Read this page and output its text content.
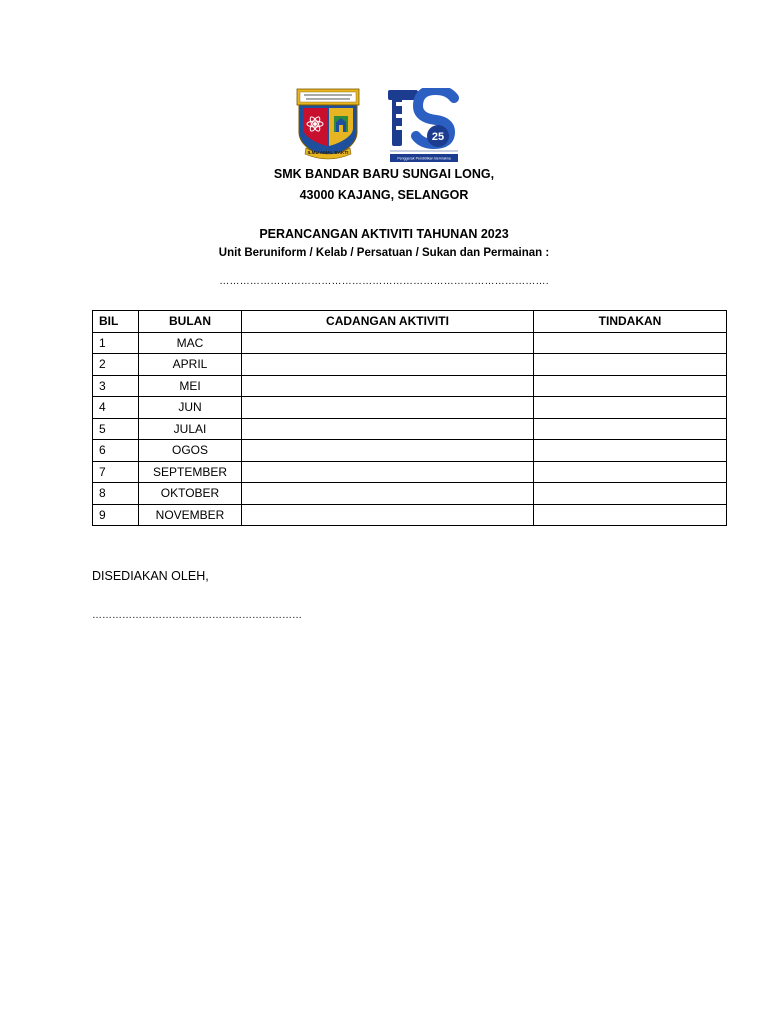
ILMU AMAL BAKTI
25
Penggerak Pendidikan Bermakna
SMK BANDAR BARU SUNGAI LONG,
43000 KAJANG, SELANGOR
PERANCANGAN AKTIVITI TAHUNAN 2023
Unit Beruniform / Kelab / Persatuan / Sukan dan Permainan :
…………………………………………………………………………………….
BIL	BULAN	CADANGAN AKTIVITI	TINDAKAN
1	MAC		
2	APRIL		
3	MEI		
4	JUN		
5	JULAI		
6	OGOS		
7	SEPTEMBER		
8	OKTOBER		
9	NOVEMBER		
DISEDIAKAN OLEH,
………………………………………………………
